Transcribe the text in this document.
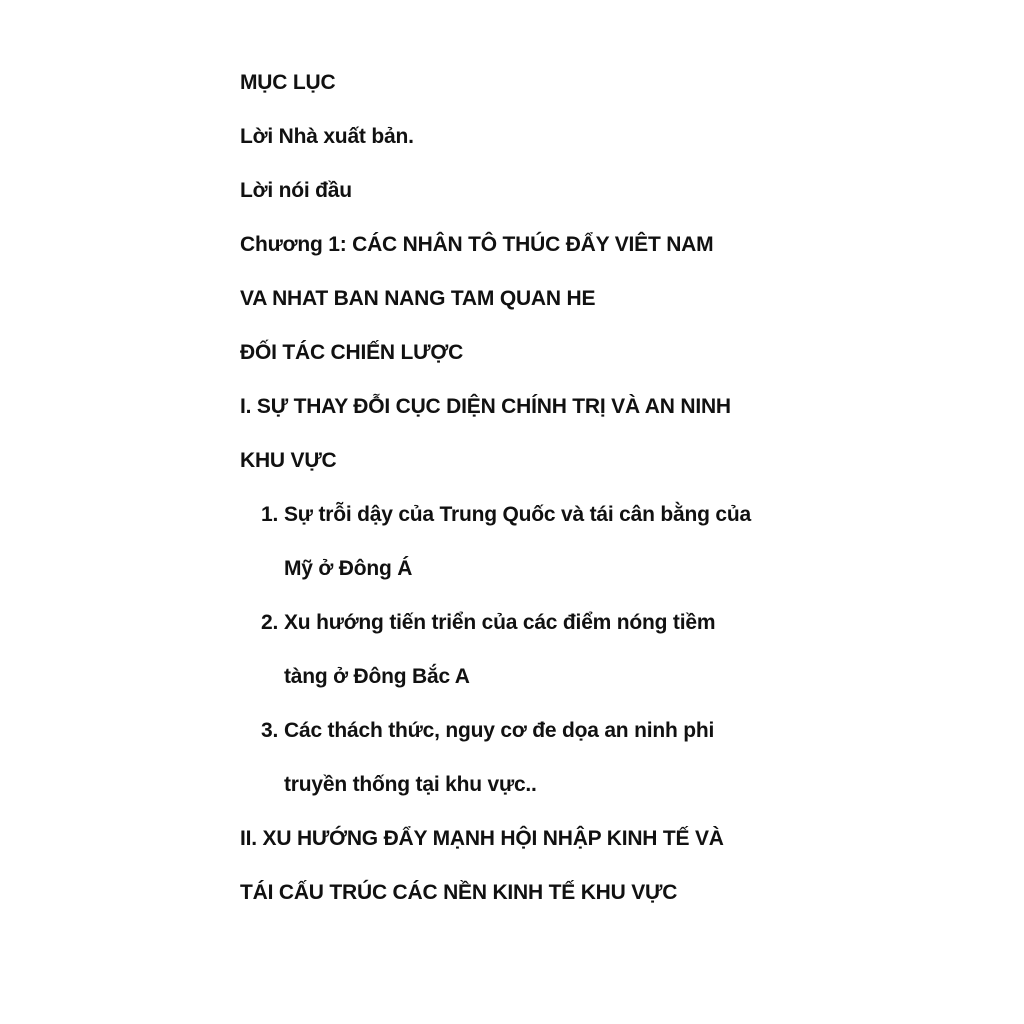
MỤC LỤC
Lời Nhà xuất bản.
Lời nói đầu
Chương 1: CÁC NHÂN TÔ THÚC ĐẨY VIÊT NAM
VA NHAT BAN NANG TAM QUAN HE
ĐỐI TÁC CHIẾN LƯỢC
I. SỰ THAY ĐỖI CỤC DIỆN CHÍNH TRỊ VÀ AN NINH
KHU VỰC
1. Sự trỗi dậy của Trung Quốc và tái cân bằng của
Mỹ ở Đông Á
2. Xu hướng tiến triển của các điểm nóng tiềm
tàng ở Đông Bắc A
3. Các thách thức, nguy cơ đe dọa an ninh phi
truyền thống tại khu vực..
II. XU HƯỚNG ĐẨY MẠNH HỘI NHẬP KINH TẾ VÀ
TÁI CẤU TRÚC CÁC NỀN KINH TẾ KHU VỰC
